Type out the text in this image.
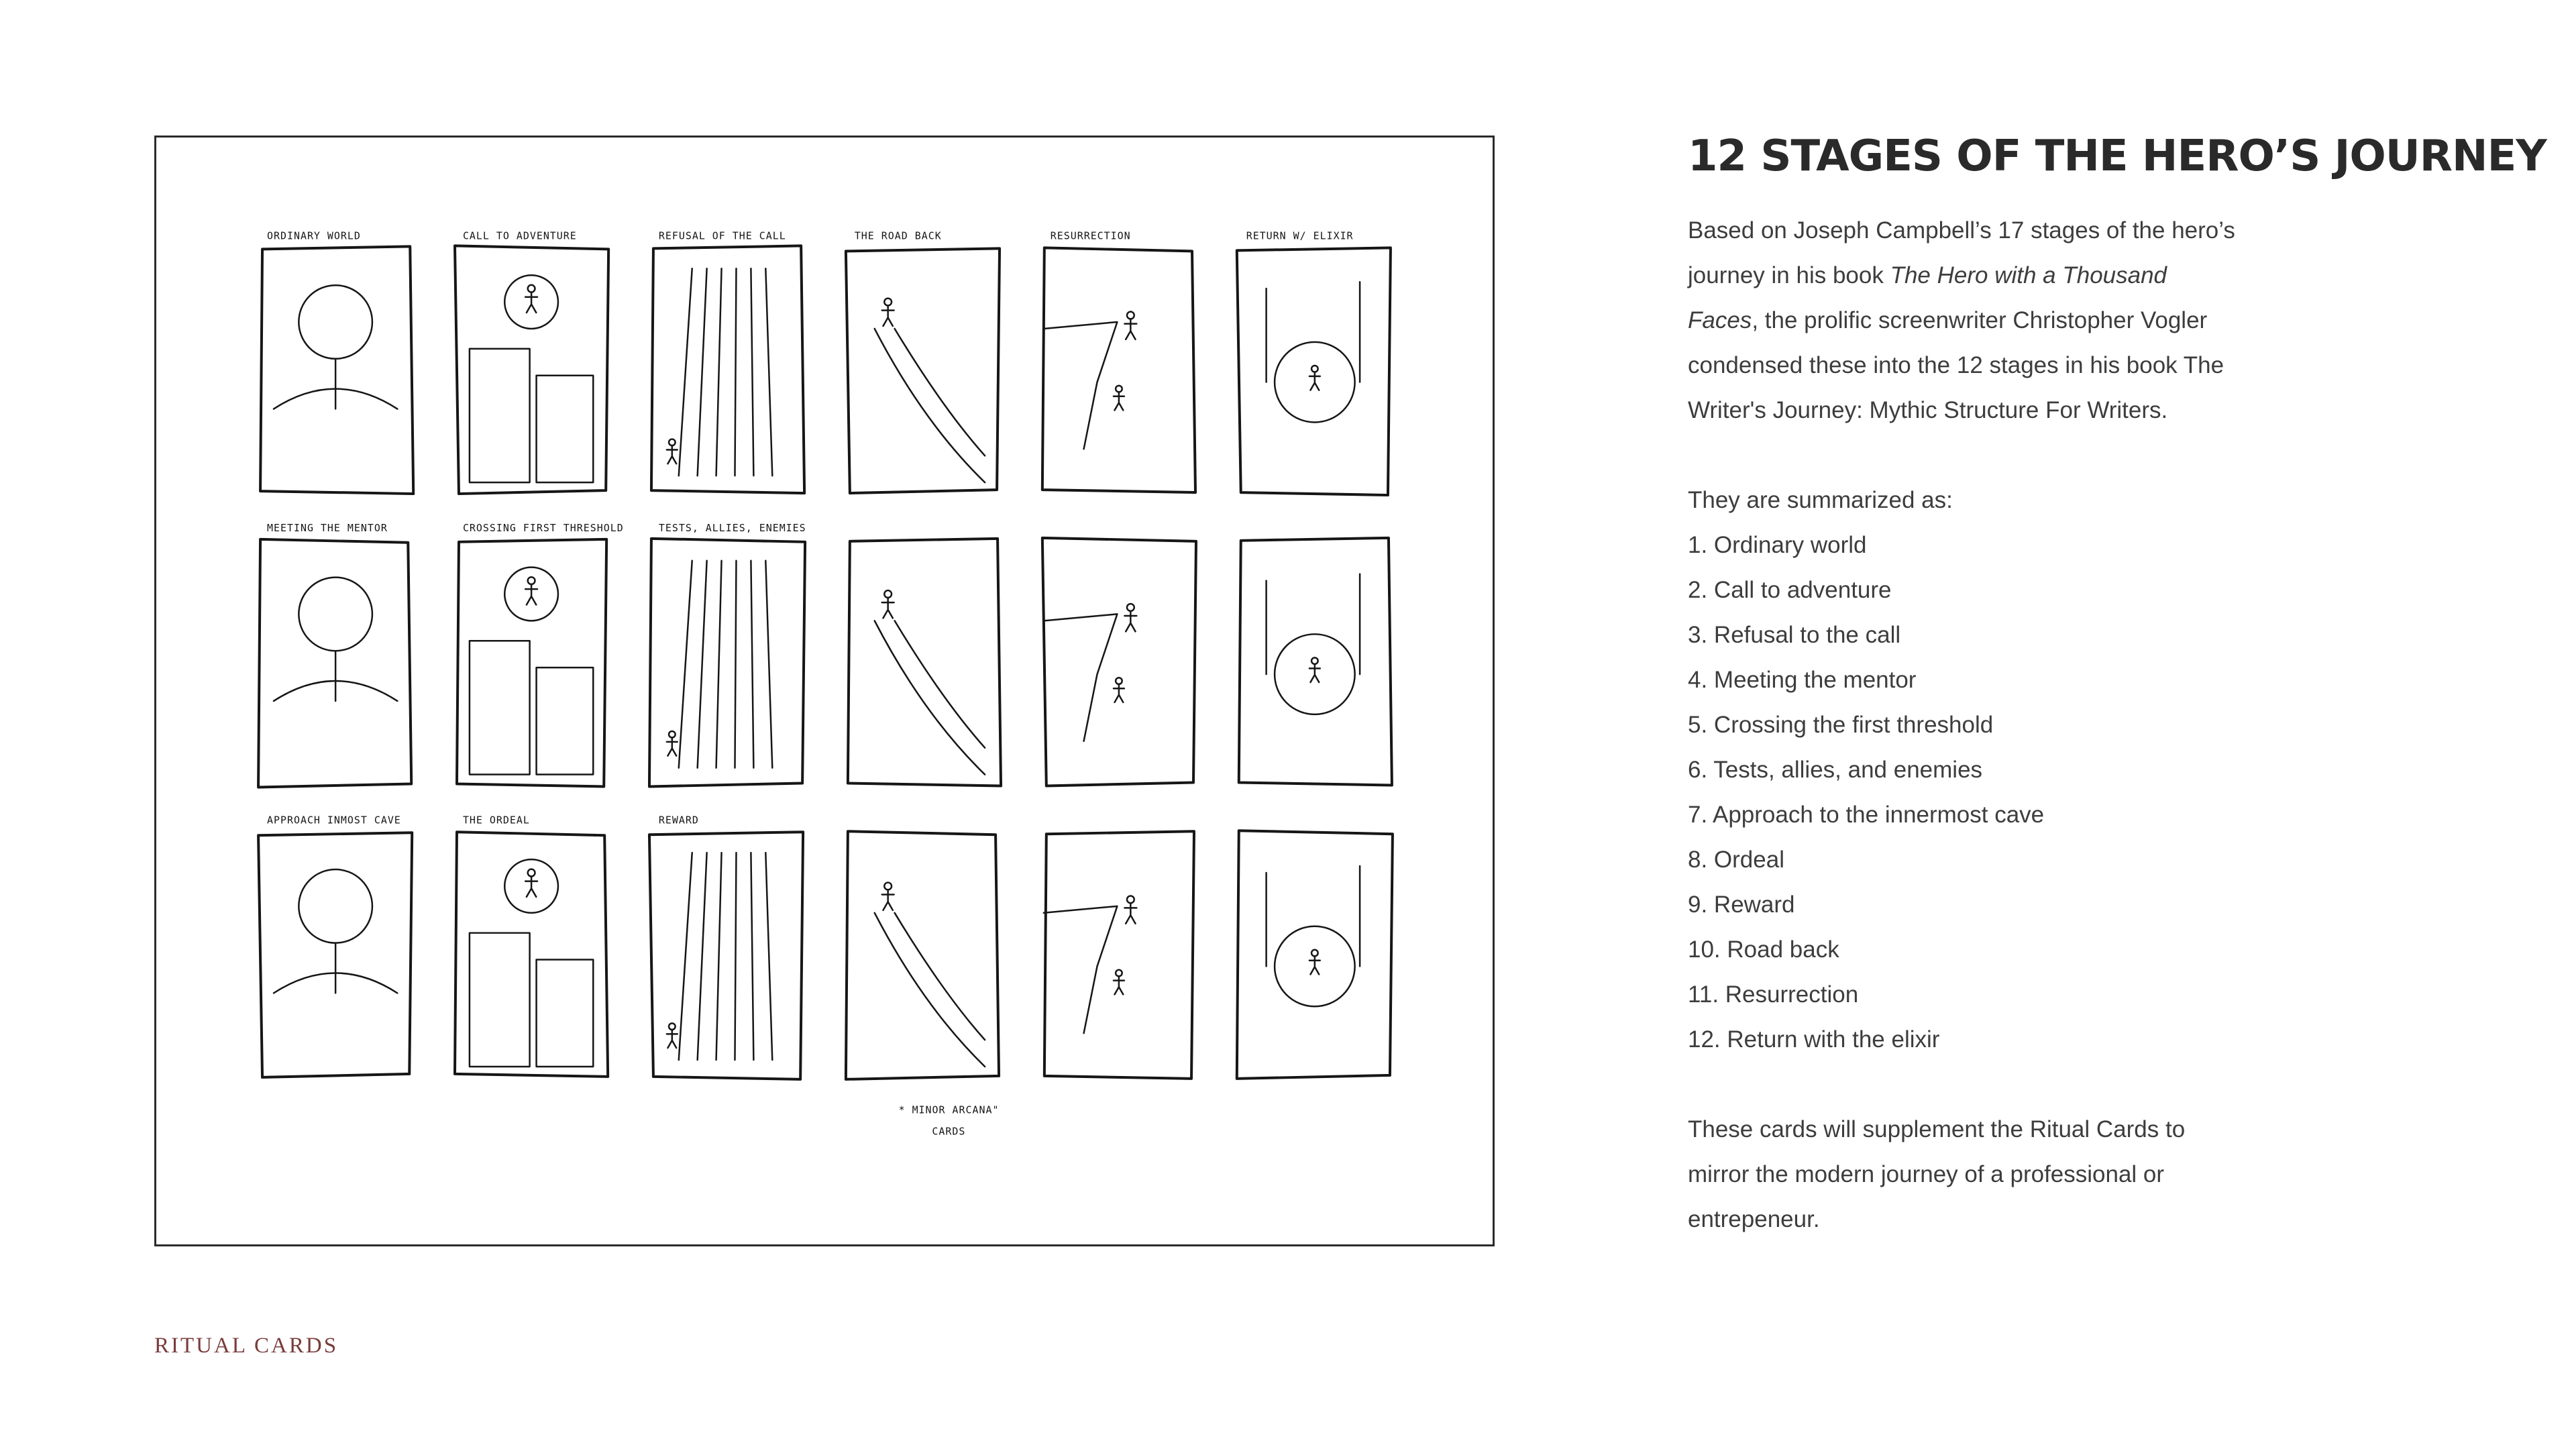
ORDINARY WORLD	CALL TO ADVENTURE	REFUSAL OF THE CALL	THE ROAD BACK	RESURRECTION	RETURN W/ ELIXIR
MEETING THE MENTOR	CROSSING FIRST THRESHOLD	TESTS, ALLIES, ENEMIES
APPROACH INMOST CAVE	THE ORDEAL	REWARD
* MINOR ARCANA"
CARDS
12 STAGES OF THE HERO’S JOURNEY

Based on Joseph Campbell’s 17 stages of the hero’s journey in his book The Hero with a Thousand Faces, the prolific screenwriter Christopher Vogler condensed these into the 12 stages in his book The Writer's Journey: Mythic Structure For Writers.

They are summarized as:

1. Ordinary world
2. Call to adventure
3. Refusal to the call
4. Meeting the mentor
5. Crossing the first threshold
6. Tests, allies, and enemies
7. Approach to the innermost cave
8. Ordeal
9. Reward
10. Road back
11. Resurrection
12. Return with the elixir

These cards will supplement the Ritual Cards to mirror the modern journey of a professional or entrepeneur.

RITUAL CARDS
